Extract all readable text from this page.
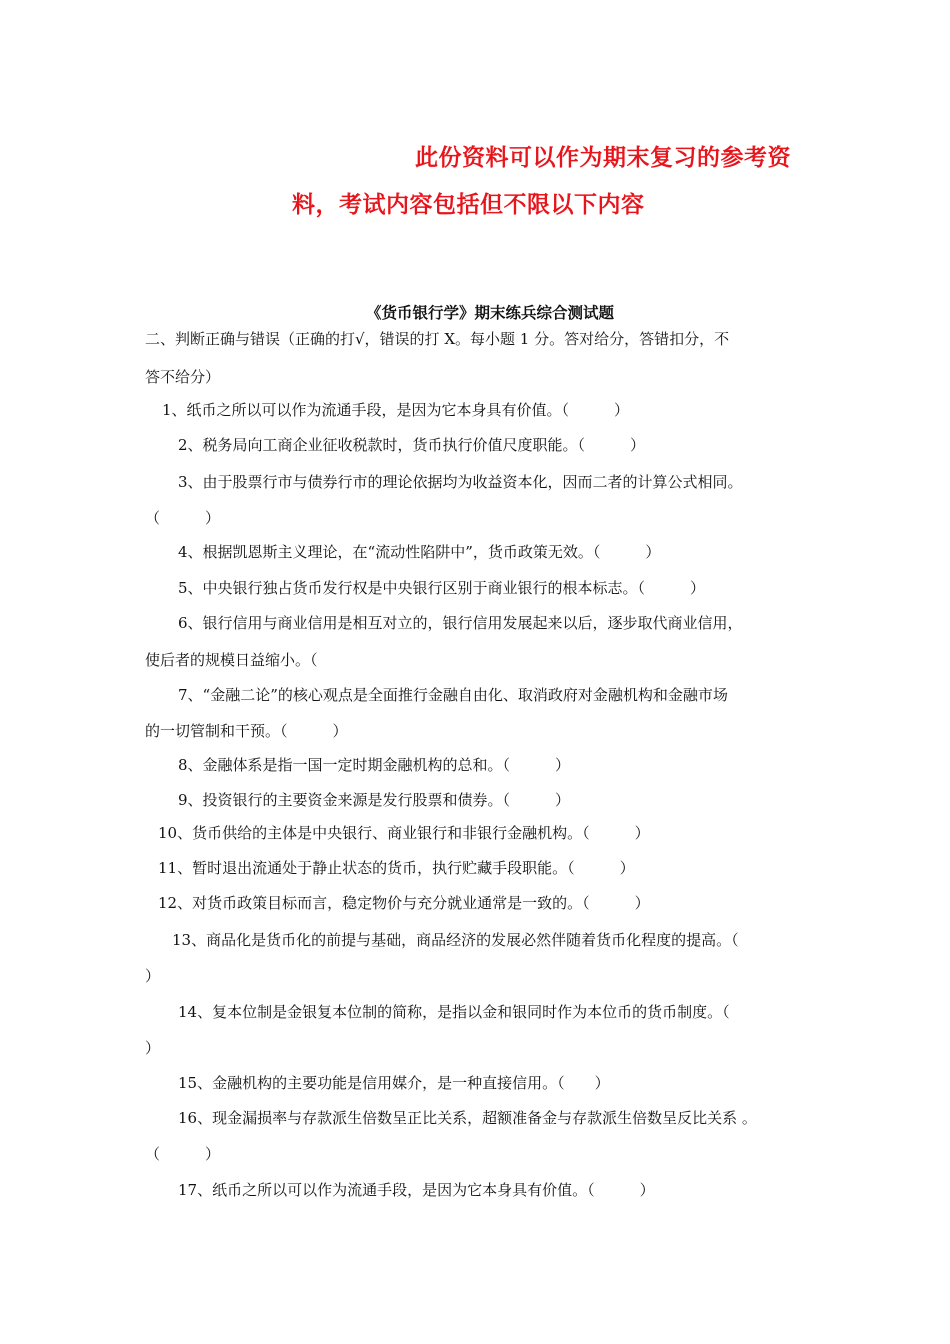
此份资料可以作为期末复习的参考资
料，考试内容包括但不限以下内容
《货币银行学》期末练兵综合测试题
二、判断正确与错误（正确的打√，错误的打 X。每小题 1 分。答对给分，答错扣分，不
答不给分）
1、纸币之所以可以作为流通手段，是因为它本身具有价值。（　　　）
2、税务局向工商企业征收税款时，货币执行价值尺度职能。（　　　）
3、由于股票行市与债券行市的理论依据均为收益资本化，因而二者的计算公式相同。
（　　　）
4、根据凯恩斯主义理论，在“流动性陷阱中”，货币政策无效。（　　　）
5、中央银行独占货币发行权是中央银行区别于商业银行的根本标志。（　　　）
6、银行信用与商业信用是相互对立的，银行信用发展起来以后，逐步取代商业信用，
使后者的规模日益缩小。（
7、“金融二论”的核心观点是全面推行金融自由化、取消政府对金融机构和金融市场
的一切管制和干预。（　　　）
8、金融体系是指一国一定时期金融机构的总和。（　　　）
9、投资银行的主要资金来源是发行股票和债券。（　　　）
10、货币供给的主体是中央银行、商业银行和非银行金融机构。（　　　）
11、暂时退出流通处于静止状态的货币，执行贮藏手段职能。（　　　）
12、对货币政策目标而言，稳定物价与充分就业通常是一致的。（　　　）
13、商品化是货币化的前提与基础，商品经济的发展必然伴随着货币化程度的提高。（
）
14、复本位制是金银复本位制的简称，是指以金和银同时作为本位币的货币制度。（
）
15、金融机构的主要功能是信用媒介，是一种直接信用。（　　）
16、现金漏损率与存款派生倍数呈正比关系，超额准备金与存款派生倍数呈反比关系 。
（　　　）
17、纸币之所以可以作为流通手段，是因为它本身具有价值。（　　　）
